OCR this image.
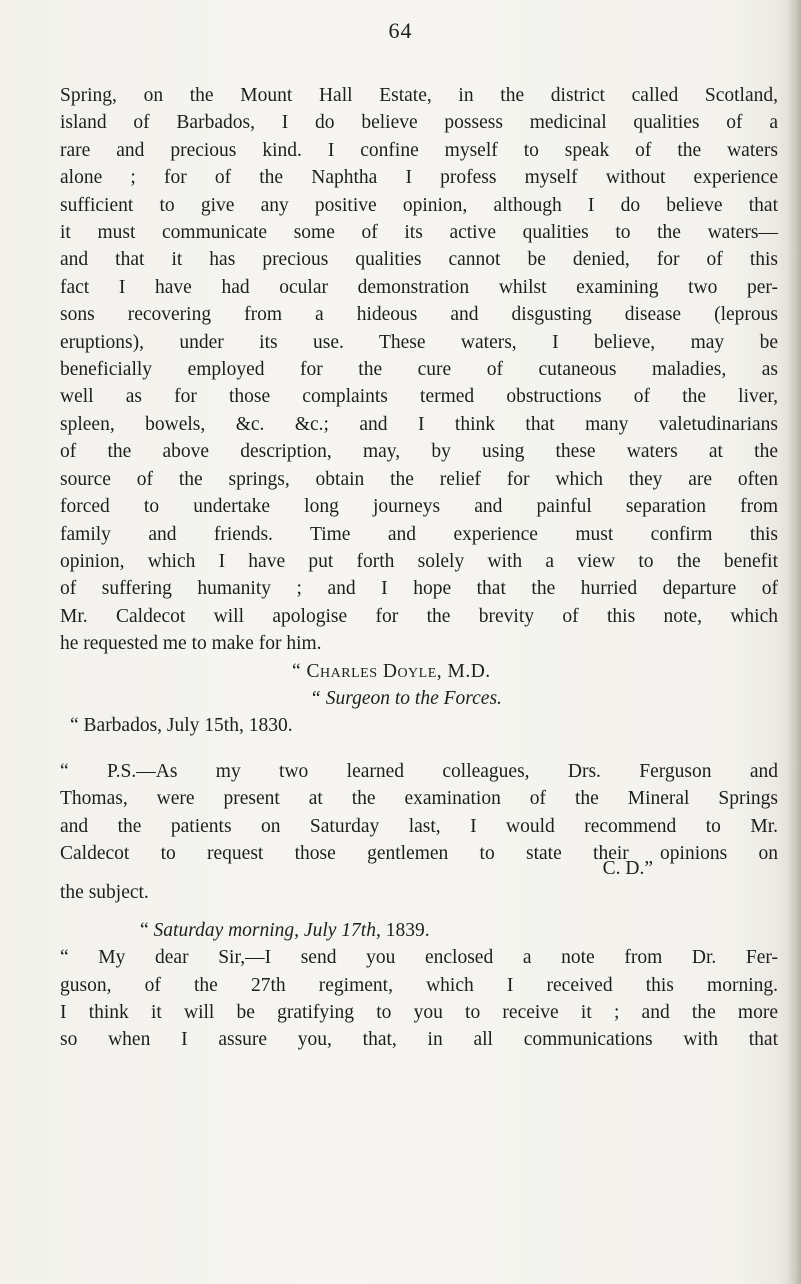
64
Spring, on the Mount Hall Estate, in the district called Scotland,
island of Barbados, I do believe possess medicinal qualities of a
rare and precious kind. I confine myself to speak of the waters
alone ; for of the Naphtha I profess myself without experience
sufficient to give any positive opinion, although I do believe that
it must communicate some of its active qualities to the waters—
and that it has precious qualities cannot be denied, for of this
fact I have had ocular demonstration whilst examining two per-
sons recovering from a hideous and disgusting disease (leprous
eruptions), under its use. These waters, I believe, may be
beneficially employed for the cure of cutaneous maladies, as
well as for those complaints termed obstructions of the liver,
spleen, bowels, &c. &c.; and I think that many valetudinarians
of the above description, may, by using these waters at the
source of the springs, obtain the relief for which they are often
forced to undertake long journeys and painful separation from
family and friends. Time and experience must confirm this
opinion, which I have put forth solely with a view to the benefit
of suffering humanity ; and I hope that the hurried departure of
Mr. Caldecot will apologise for the brevity of this note, which
he requested me to make for him.
“ Charles Doyle, M.D.
“ Surgeon to the Forces.
“ Barbados, July 15th, 1830.
“ P.S.—As my two learned colleagues, Drs. Ferguson and
Thomas, were present at the examination of the Mineral Springs
and the patients on Saturday last, I would recommend to Mr.
Caldecot to request those gentlemen to state their opinions on
the subject.
C. D.”
“ Saturday morning, July 17th, 1839.
“ My dear Sir,—I send you enclosed a note from Dr. Fer-
guson, of the 27th regiment, which I received this morning.
I think it will be gratifying to you to receive it ; and the more
so when I assure you, that, in all communications with that
